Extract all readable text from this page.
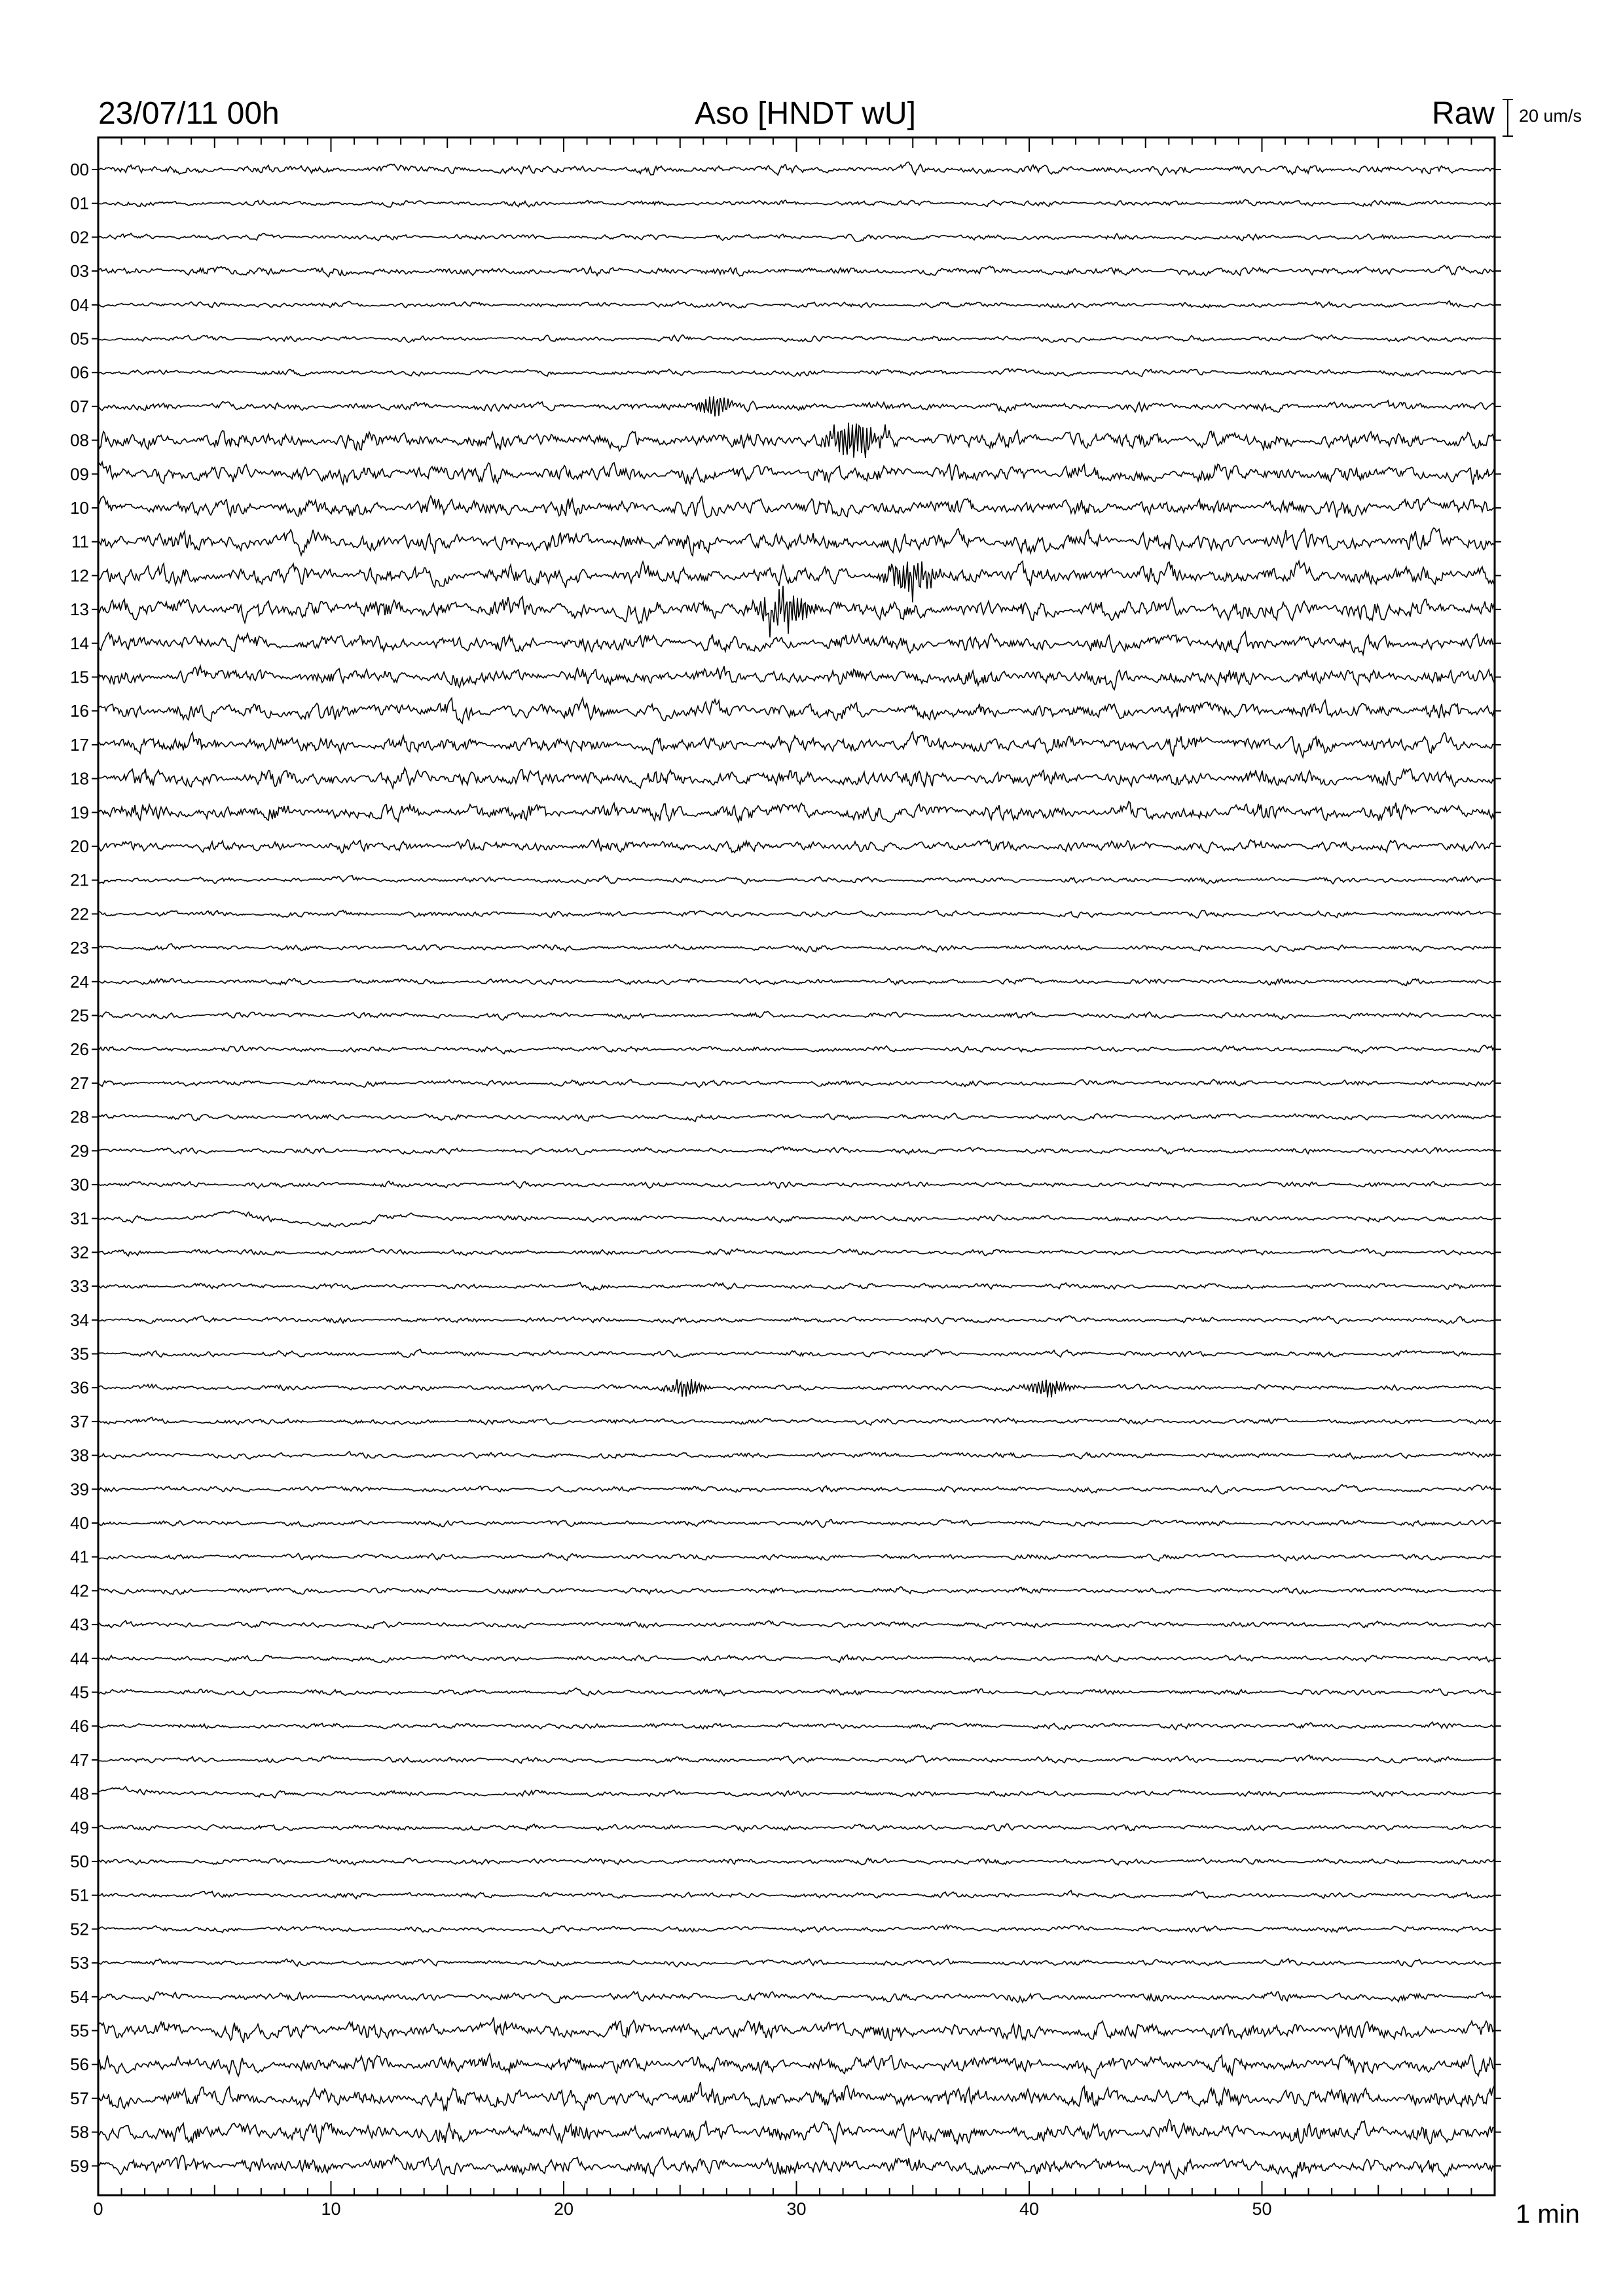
23/07/11 00h	Aso [HNDT wU]	Raw 20 um/s
00
01
02
03
04
05
06
07
08
09
10
11
12
13
14
15
16
17
18
19
20
21
22
23
24
25
26
27
28
29
30
31
32
33
34
35
36
37
38
39
40
41
42
43
44
45
46
47
48
49
50
51
52
53
54
55
56
57
58
59
0	10	20	30	40	50	1 min
